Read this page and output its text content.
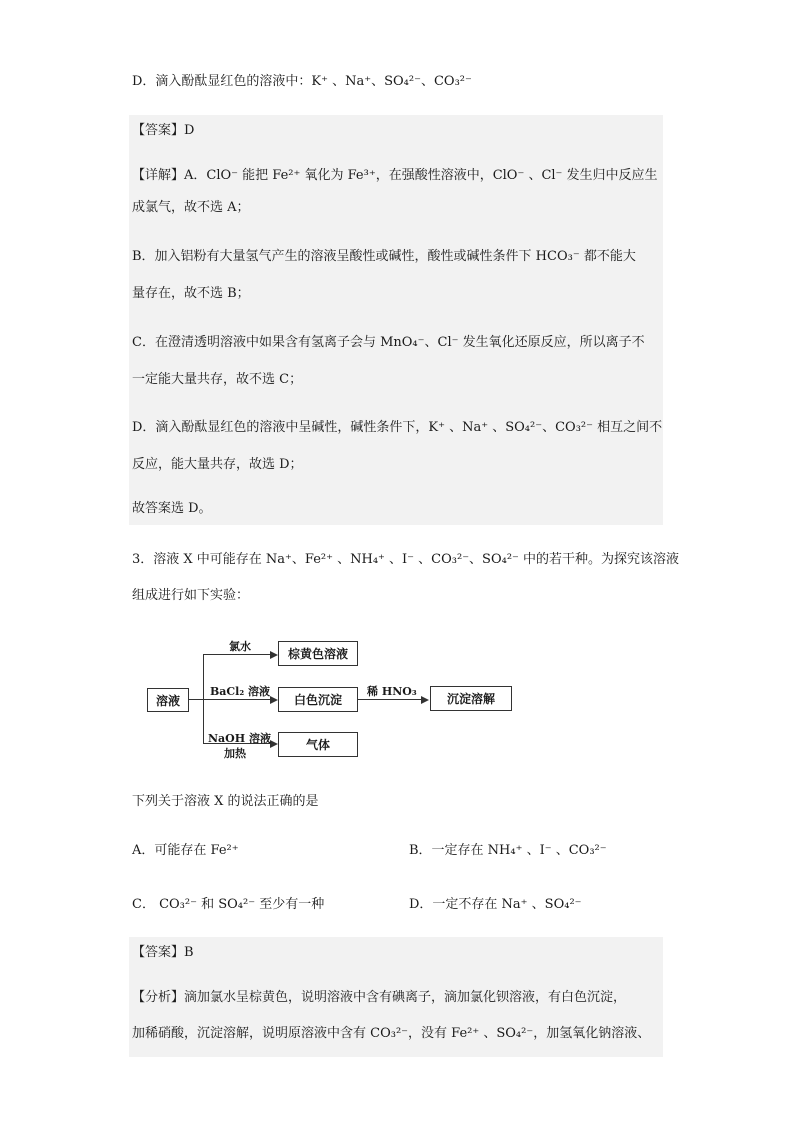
D．滴入酚酞显红色的溶液中：K⁺ 、Na⁺、SO₄²⁻、CO₃²⁻
【答案】D
【详解】A．ClO⁻ 能把 Fe²⁺ 氧化为 Fe³⁺，在强酸性溶液中，ClO⁻ 、Cl⁻ 发生归中反应生
成氯气，故不选 A；
B．加入铝粉有大量氢气产生的溶液呈酸性或碱性，酸性或碱性条件下 HCO₃⁻ 都不能大
量存在，故不选 B；
C．在澄清透明溶液中如果含有氢离子会与 MnO₄⁻、Cl⁻ 发生氧化还原反应，所以离子不
一定能大量共存，故不选 C；
D．滴入酚酞显红色的溶液中呈碱性，碱性条件下，K⁺ 、Na⁺ 、SO₄²⁻、CO₃²⁻ 相互之间不
反应，能大量共存，故选 D；
故答案选 D。
3．溶液 X 中可能存在 Na⁺、Fe²⁺ 、NH₄⁺ 、I⁻ 、CO₃²⁻、SO₄²⁻ 中的若干种。为探究该溶液
组成进行如下实验：
溶液
氯水
棕黄色溶液
BaCl₂ 溶液
白色沉淀
稀 HNO₃
沉淀溶解
NaOH 溶液
加热
气体
下列关于溶液 X 的说法正确的是
A．可能存在 Fe²⁺	B．一定存在 NH₄⁺ 、I⁻ 、CO₃²⁻
C． CO₃²⁻ 和 SO₄²⁻ 至少有一种	D．一定不存在 Na⁺ 、SO₄²⁻
【答案】B
【分析】滴加氯水呈棕黄色，说明溶液中含有碘离子，滴加氯化钡溶液，有白色沉淀，
加稀硝酸，沉淀溶解，说明原溶液中含有 CO₃²⁻，没有 Fe²⁺ 、SO₄²⁻，加氢氧化钠溶液、
